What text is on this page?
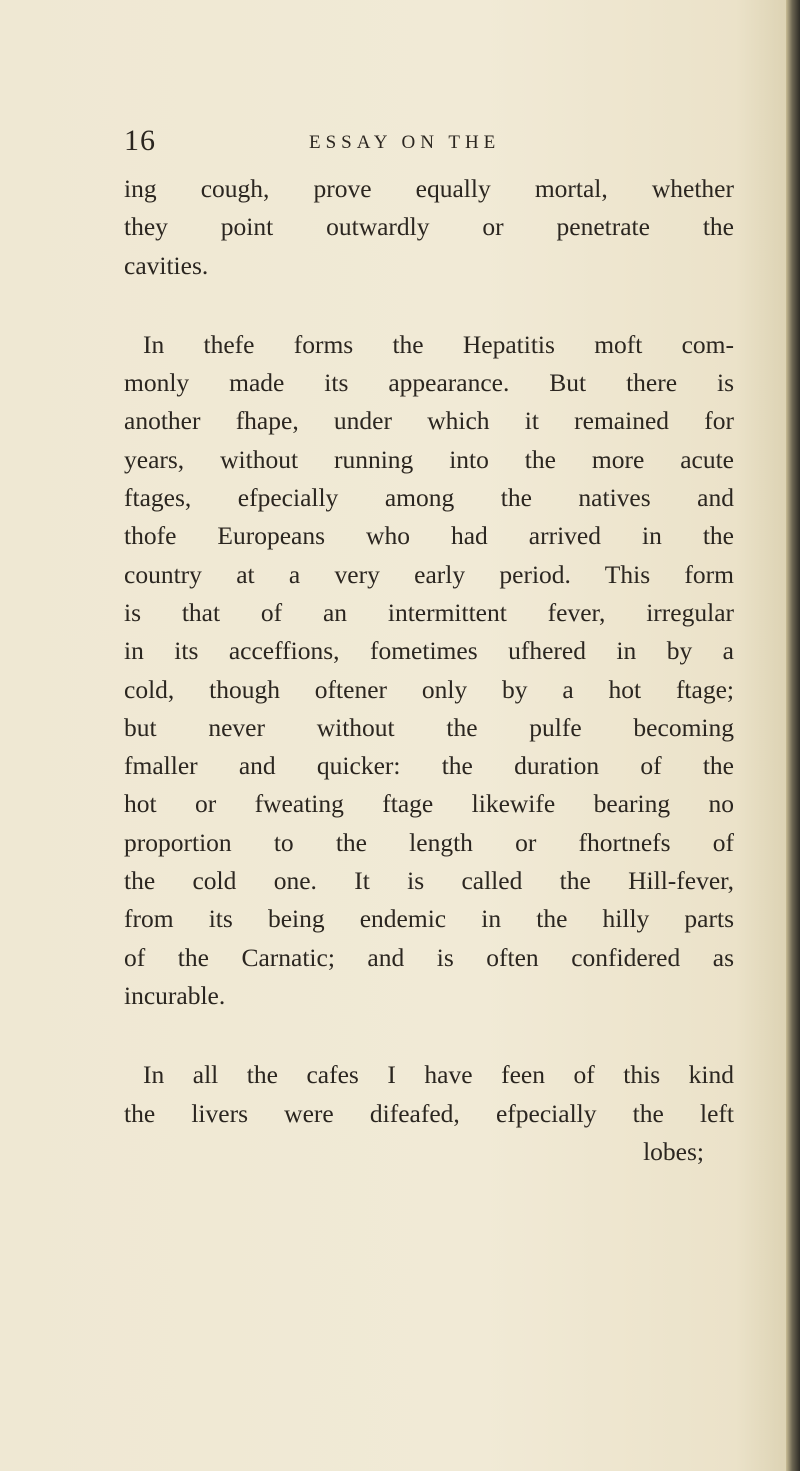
16	ESSAY ON THE
ing cough, prove equally mortal, whether
they point outwardly or penetrate the
cavities.
In thefe forms the Hepatitis moft com-
monly made its appearance. But there is
another fhape, under which it remained for
years, without running into the more acute
ftages, efpecially among the natives and
thofe Europeans who had arrived in the
country at a very early period. This form
is that of an intermittent fever, irregular
in its acceffions, fometimes ufhered in by a
cold, though oftener only by a hot ftage;
but never without the pulfe becoming
fmaller and quicker: the duration of the
hot or fweating ftage likewife bearing no
proportion to the length or fhortnefs of
the cold one. It is called the Hill-fever,
from its being endemic in the hilly parts
of the Carnatic; and is often confidered as
incurable.
In all the cafes I have feen of this kind
the livers were difeafed, efpecially the left
lobes;
